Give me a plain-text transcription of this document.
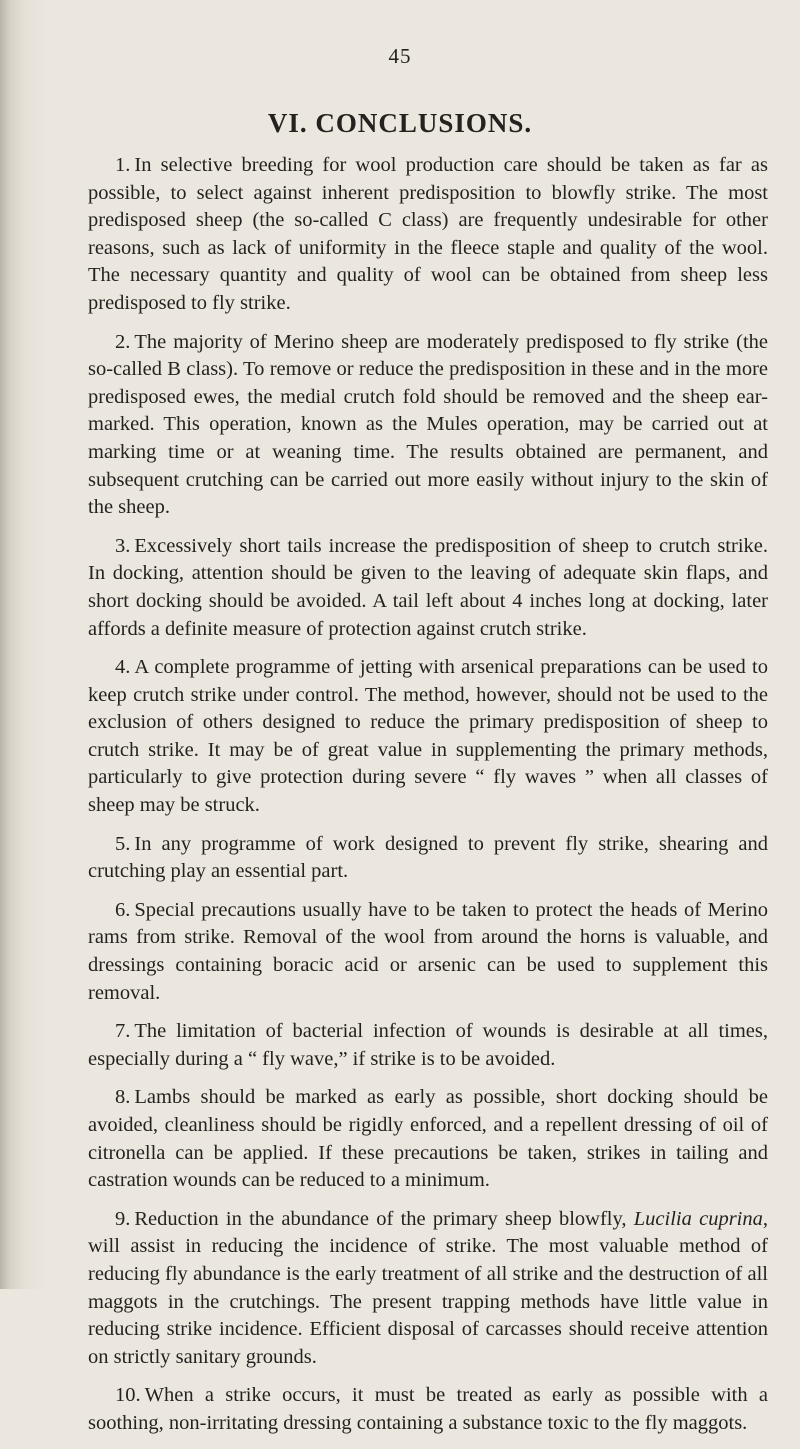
45
VI. CONCLUSIONS.

1. In selective breeding for wool production care should be taken as far as possible, to select against inherent predisposition to blowfly strike. The most predisposed sheep (the so-called C class) are frequently undesirable for other reasons, such as lack of uniformity in the fleece staple and quality of the wool. The necessary quantity and quality of wool can be obtained from sheep less predisposed to fly strike.

2. The majority of Merino sheep are moderately predisposed to fly strike (the so-called B class). To remove or reduce the predisposition in these and in the more predisposed ewes, the medial crutch fold should be removed and the sheep ear-marked. This operation, known as the Mules operation, may be carried out at marking time or at weaning time. The results obtained are permanent, and subsequent crutching can be carried out more easily without injury to the skin of the sheep.

3. Excessively short tails increase the predisposition of sheep to crutch strike. In docking, attention should be given to the leaving of adequate skin flaps, and short docking should be avoided. A tail left about 4 inches long at docking, later affords a definite measure of protection against crutch strike.

4. A complete programme of jetting with arsenical preparations can be used to keep crutch strike under control. The method, however, should not be used to the exclusion of others designed to reduce the primary predisposition of sheep to crutch strike. It may be of great value in supplementing the primary methods, particularly to give protection during severe “ fly waves ” when all classes of sheep may be struck.

5. In any programme of work designed to prevent fly strike, shearing and crutching play an essential part.

6. Special precautions usually have to be taken to protect the heads of Merino rams from strike. Removal of the wool from around the horns is valuable, and dressings containing boracic acid or arsenic can be used to supplement this removal.

7. The limitation of bacterial infection of wounds is desirable at all times, especially during a “ fly wave,” if strike is to be avoided.

8. Lambs should be marked as early as possible, short docking should be avoided, cleanliness should be rigidly enforced, and a repellent dressing of oil of citronella can be applied. If these precautions be taken, strikes in tailing and castration wounds can be reduced to a minimum.

9. Reduction in the abundance of the primary sheep blowfly, Lucilia cuprina, will assist in reducing the incidence of strike. The most valuable method of reducing fly abundance is the early treatment of all strike and the destruction of all maggots in the crutchings. The present trapping methods have little value in reducing strike incidence. Efficient disposal of carcasses should receive attention on strictly sanitary grounds.

10. When a strike occurs, it must be treated as early as possible with a soothing, non-irritating dressing containing a substance toxic to the fly maggots.
